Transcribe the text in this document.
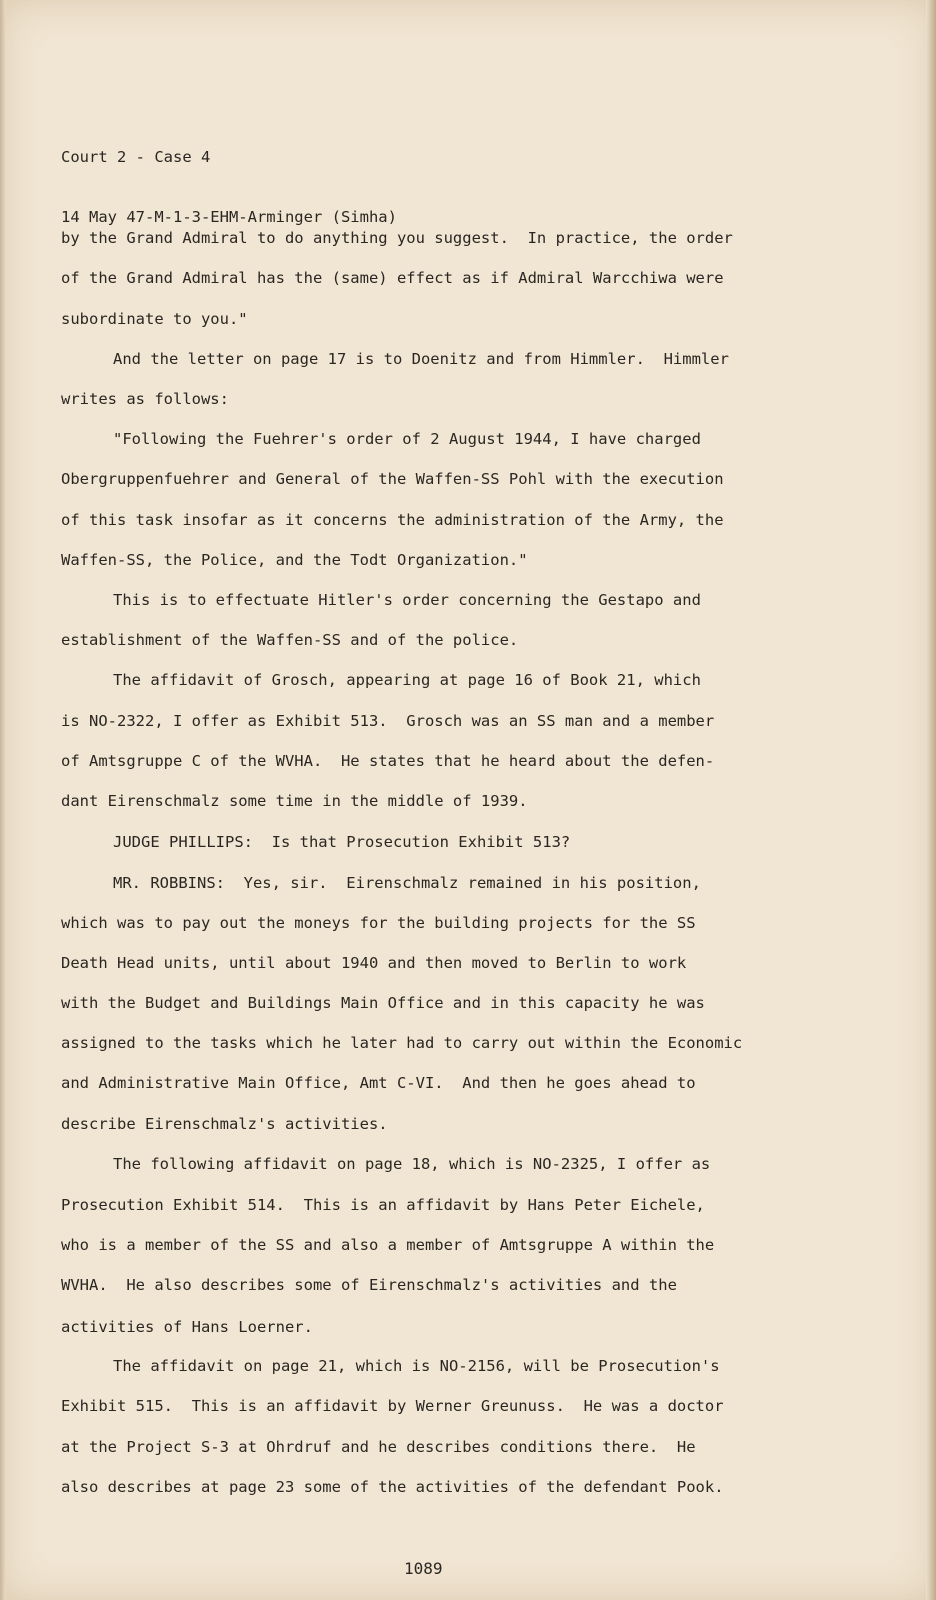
Court 2 - Case 4

14 May 47-M-1-3-EHM-Arminger (Simha)

by the Grand Admiral to do anything you suggest.  In practice, the order
of the Grand Admiral has the (same) effect as if Admiral Warcchiwa were
subordinate to you."
And the letter on page 17 is to Doenitz and from Himmler.  Himmler
writes as follows:
"Following the Fuehrer's order of 2 August 1944, I have charged
Obergruppenfuehrer and General of the Waffen-SS Pohl with the execution
of this task insofar as it concerns the administration of the Army, the
Waffen-SS, the Police, and the Todt Organization."
This is to effectuate Hitler's order concerning the Gestapo and
establishment of the Waffen-SS and of the police.
The affidavit of Grosch, appearing at page 16 of Book 21, which
is NO-2322, I offer as Exhibit 513.  Grosch was an SS man and a member
of Amtsgruppe C of the WVHA.  He states that he heard about the defen-
dant Eirenschmalz some time in the middle of 1939.
JUDGE PHILLIPS:  Is that Prosecution Exhibit 513?
MR. ROBBINS:  Yes, sir.  Eirenschmalz remained in his position,
which was to pay out the moneys for the building projects for the SS
Death Head units, until about 1940 and then moved to Berlin to work
with the Budget and Buildings Main Office and in this capacity he was
assigned to the tasks which he later had to carry out within the Economic
and Administrative Main Office, Amt C-VI.  And then he goes ahead to
describe Eirenschmalz's activities.
The following affidavit on page 18, which is NO-2325, I offer as
Prosecution Exhibit 514.  This is an affidavit by Hans Peter Eichele,
who is a member of the SS and also a member of Amtsgruppe A within the
WVHA.  He also describes some of Eirenschmalz's activities and the
activities of Hans Loerner.
The affidavit on page 21, which is NO-2156, will be Prosecution's
Exhibit 515.  This is an affidavit by Werner Greunuss.  He was a doctor
at the Project S-3 at Ohrdruf and he describes conditions there.  He
also describes at page 23 some of the activities of the defendant Pook.
1089
